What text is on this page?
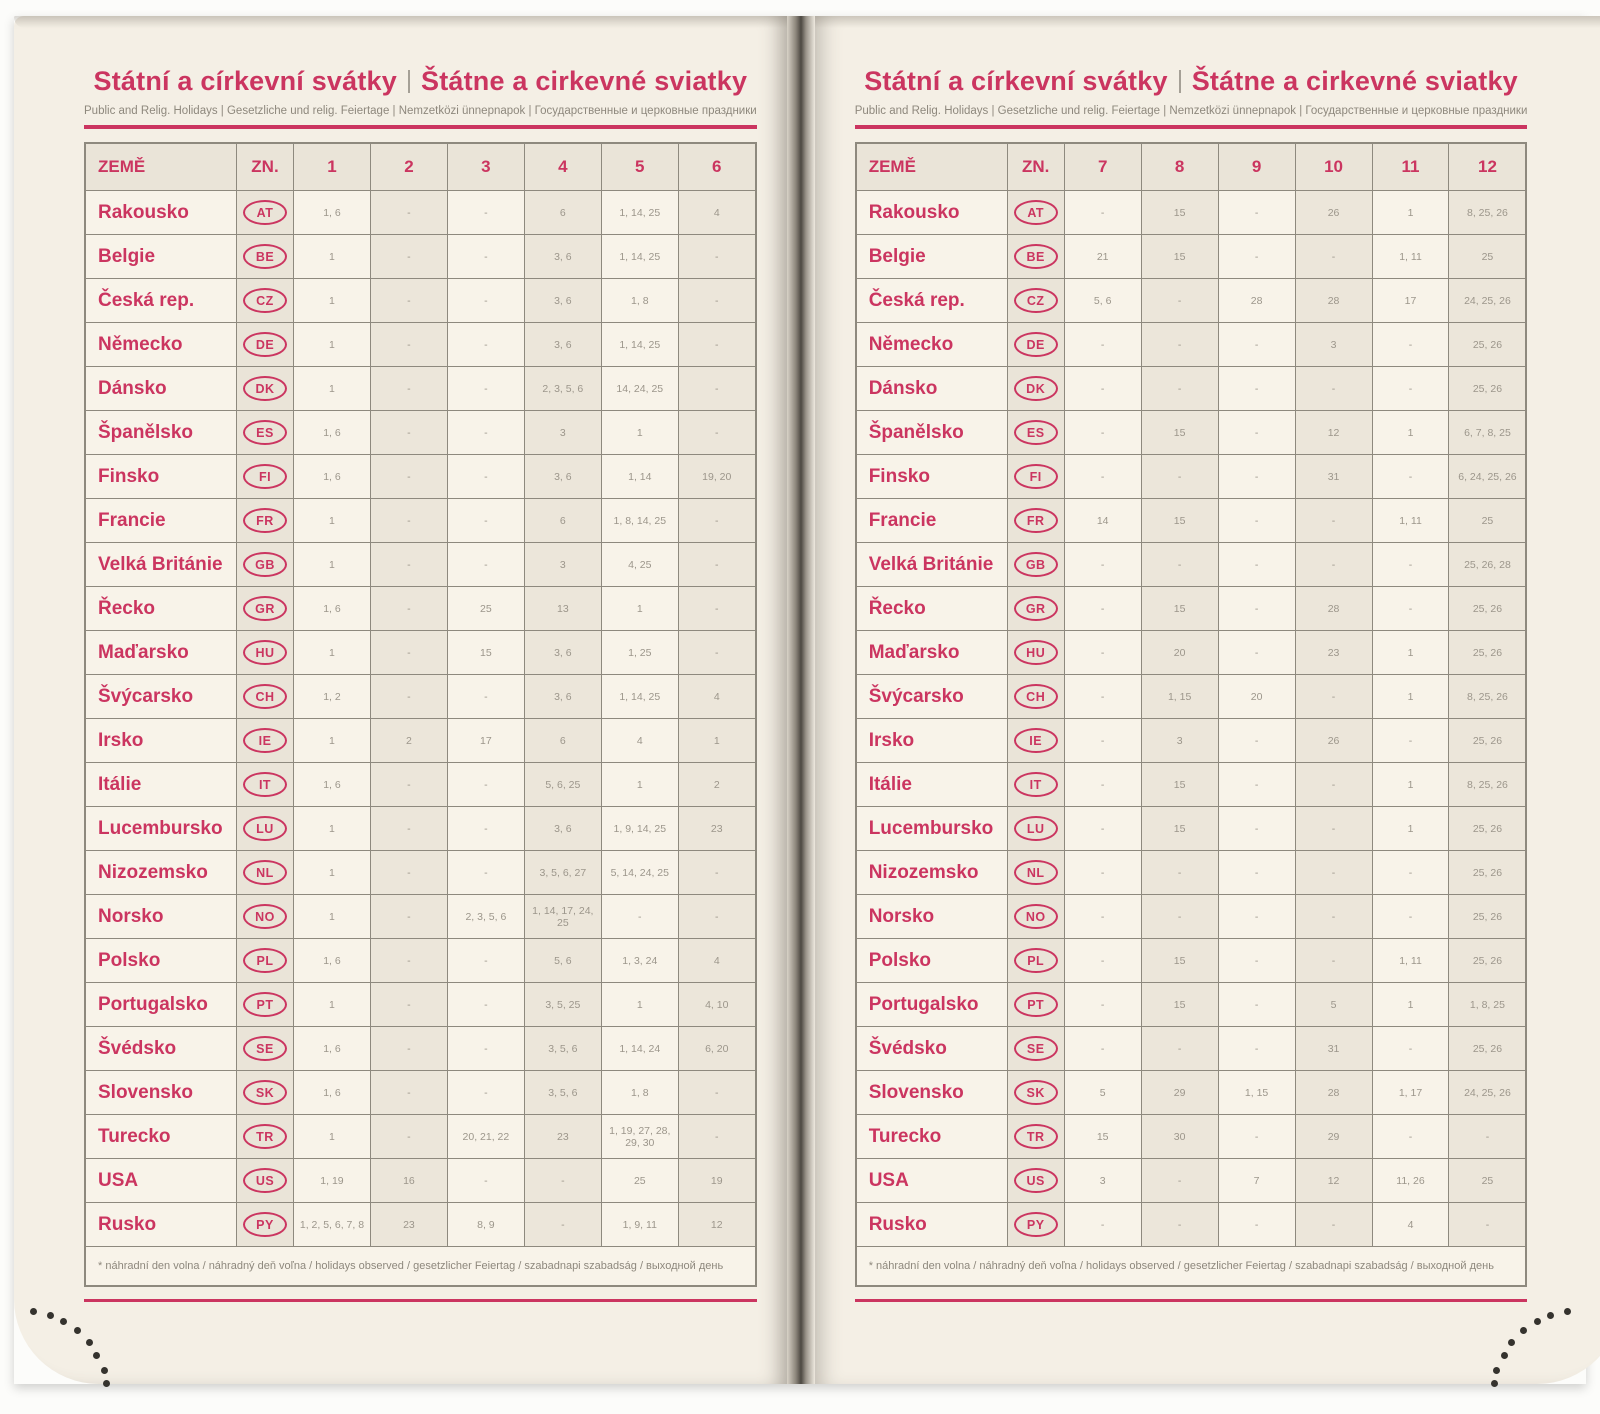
Státní a církevní svátky Štátne a cirkevné sviatky
Public and Relig. Holidays | Gesetzliche und relig. Feiertage | Nemzetközi ünnepnapok | Государственные и церковные праздники
ZEMĚ	ZN.	1	2	3	4	5	6
Rakousko	AT	1, 6	-	-	6	1, 14, 25	4
Belgie	BE	1	-	-	3, 6	1, 14, 25	-
Česká rep.	CZ	1	-	-	3, 6	1, 8	-
Německo	DE	1	-	-	3, 6	1, 14, 25	-
Dánsko	DK	1	-	-	2, 3, 5, 6	14, 24, 25	-
Španělsko	ES	1, 6	-	-	3	1	-
Finsko	FI	1, 6	-	-	3, 6	1, 14	19, 20
Francie	FR	1	-	-	6	1, 8, 14, 25	-
Velká Británie	GB	1	-	-	3	4, 25	-
Řecko	GR	1, 6	-	25	13	1	-
Maďarsko	HU	1	-	15	3, 6	1, 25	-
Švýcarsko	CH	1, 2	-	-	3, 6	1, 14, 25	4
Irsko	IE	1	2	17	6	4	1
Itálie	IT	1, 6	-	-	5, 6, 25	1	2
Lucembursko	LU	1	-	-	3, 6	1, 9, 14, 25	23
Nizozemsko	NL	1	-	-	3, 5, 6, 27	5, 14, 24, 25	-
Norsko	NO	1	-	2, 3, 5, 6	1, 14, 17, 24, 25	-	-
Polsko	PL	1, 6	-	-	5, 6	1, 3, 24	4
Portugalsko	PT	1	-	-	3, 5, 25	1	4, 10
Švédsko	SE	1, 6	-	-	3, 5, 6	1, 14, 24	6, 20
Slovensko	SK	1, 6	-	-	3, 5, 6	1, 8	-
Turecko	TR	1	-	20, 21, 22	23	1, 19, 27, 28, 29, 30	-
USA	US	1, 19	16	-	-	25	19
Rusko	PY	1, 2, 5, 6, 7, 8	23	8, 9	-	1, 9, 11	12
* náhradní den volna / náhradný deň voľna / holidays observed / gesetzlicher Feiertag / szabadnapi szabadság / выходной день
Státní a církevní svátky Štátne a cirkevné sviatky
Public and Relig. Holidays | Gesetzliche und relig. Feiertage | Nemzetközi ünnepnapok | Государственные и церковные праздники
ZEMĚ	ZN.	7	8	9	10	11	12
Rakousko	AT	-	15	-	26	1	8, 25, 26
Belgie	BE	21	15	-	-	1, 11	25
Česká rep.	CZ	5, 6	-	28	28	17	24, 25, 26
Německo	DE	-	-	-	3	-	25, 26
Dánsko	DK	-	-	-	-	-	25, 26
Španělsko	ES	-	15	-	12	1	6, 7, 8, 25
Finsko	FI	-	-	-	31	-	6, 24, 25, 26
Francie	FR	14	15	-	-	1, 11	25
Velká Británie	GB	-	-	-	-	-	25, 26, 28
Řecko	GR	-	15	-	28	-	25, 26
Maďarsko	HU	-	20	-	23	1	25, 26
Švýcarsko	CH	-	1, 15	20	-	1	8, 25, 26
Irsko	IE	-	3	-	26	-	25, 26
Itálie	IT	-	15	-	-	1	8, 25, 26
Lucembursko	LU	-	15	-	-	1	25, 26
Nizozemsko	NL	-	-	-	-	-	25, 26
Norsko	NO	-	-	-	-	-	25, 26
Polsko	PL	-	15	-	-	1, 11	25, 26
Portugalsko	PT	-	15	-	5	1	1, 8, 25
Švédsko	SE	-	-	-	31	-	25, 26
Slovensko	SK	5	29	1, 15	28	1, 17	24, 25, 26
Turecko	TR	15	30	-	29	-	-
USA	US	3	-	7	12	11, 26	25
Rusko	PY	-	-	-	-	4	-
* náhradní den volna / náhradný deň voľna / holidays observed / gesetzlicher Feiertag / szabadnapi szabadság / выходной день
